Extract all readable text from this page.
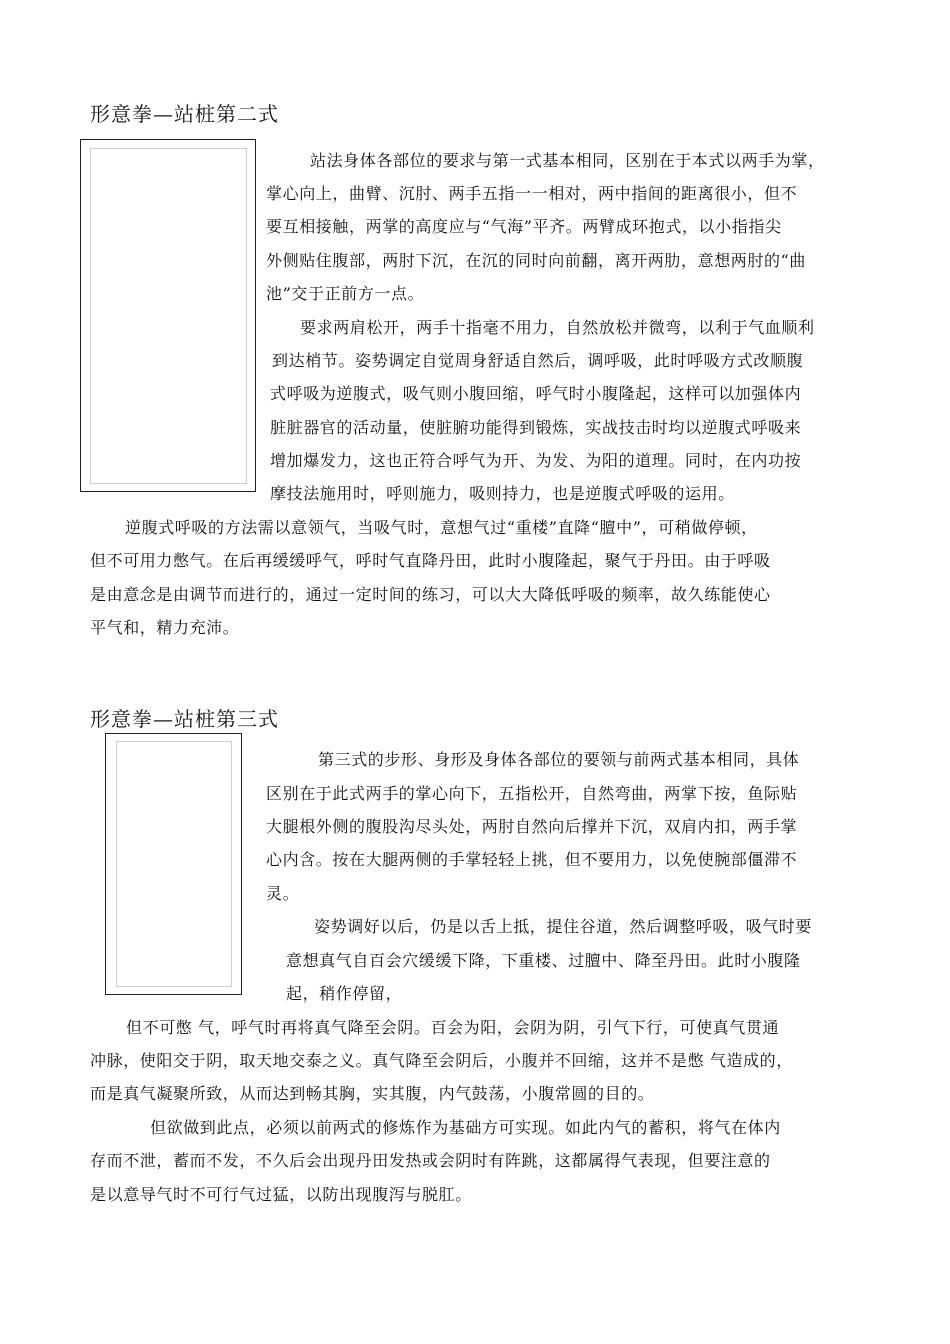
形意拳—站桩第二式
站法身体各部位的要求与第一式基本相同，区别在于本式以两手为掌，
掌心向上，曲臂、沉肘、两手五指一一相对，两中指间的距离很小，但不
要互相接触，两掌的高度应与“气海”平齐。两臂成环抱式，以小指指尖
外侧贴住腹部，两肘下沉，在沉的同时向前翻，离开两肋，意想两肘的“曲
池”交于正前方一点。
要求两肩松开，两手十指毫不用力，自然放松并微弯，以利于气血顺利
到达梢节。姿势调定自觉周身舒适自然后，调呼吸，此时呼吸方式改顺腹
式呼吸为逆腹式，吸气则小腹回缩，呼气时小腹隆起，这样可以加强体内
脏脏器官的活动量，使脏腑功能得到锻炼，实战技击时均以逆腹式呼吸来
增加爆发力，这也正符合呼气为开、为发、为阳的道理。同时，在内功按
摩技法施用时，呼则施力，吸则持力，也是逆腹式呼吸的运用。
逆腹式呼吸的方法需以意领气，当吸气时，意想气过“重楼”直降“膻中”，可稍做停顿，
但不可用力憋气。在后再缓缓呼气，呼时气直降丹田，此时小腹隆起，聚气于丹田。由于呼吸
是由意念是由调节而进行的，通过一定时间的练习，可以大大降低呼吸的频率，故久练能使心
平气和，精力充沛。
形意拳—站桩第三式
第三式的步形、身形及身体各部位的要领与前两式基本相同，具体
区别在于此式两手的掌心向下，五指松开，自然弯曲，两掌下按，鱼际贴
大腿根外侧的腹股沟尽头处，两肘自然向后撑并下沉，双肩内扣，两手掌
心内含。按在大腿两侧的手掌轻轻上挑，但不要用力，以免使腕部僵滞不
灵。
姿势调好以后，仍是以舌上抵，提住谷道，然后调整呼吸，吸气时要
意想真气自百会穴缓缓下降，下重楼、过膻中、降至丹田。此时小腹隆
起，稍作停留，
但不可憋 气，呼气时再将真气降至会阴。百会为阳，会阴为阴，引气下行，可使真气贯通
冲脉，使阳交于阴，取天地交泰之义。真气降至会阴后，小腹并不回缩，这并不是憋 气造成的，
而是真气凝聚所致，从而达到畅其胸，实其腹，内气鼓荡，小腹常圆的目的。
但欲做到此点，必须以前两式的修炼作为基础方可实现。如此内气的蓄积，将气在体内
存而不泄，蓄而不发，不久后会出现丹田发热或会阴时有阵跳，这都属得气表现，但要注意的
是以意导气时不可行气过猛，以防出现腹泻与脱肛。
